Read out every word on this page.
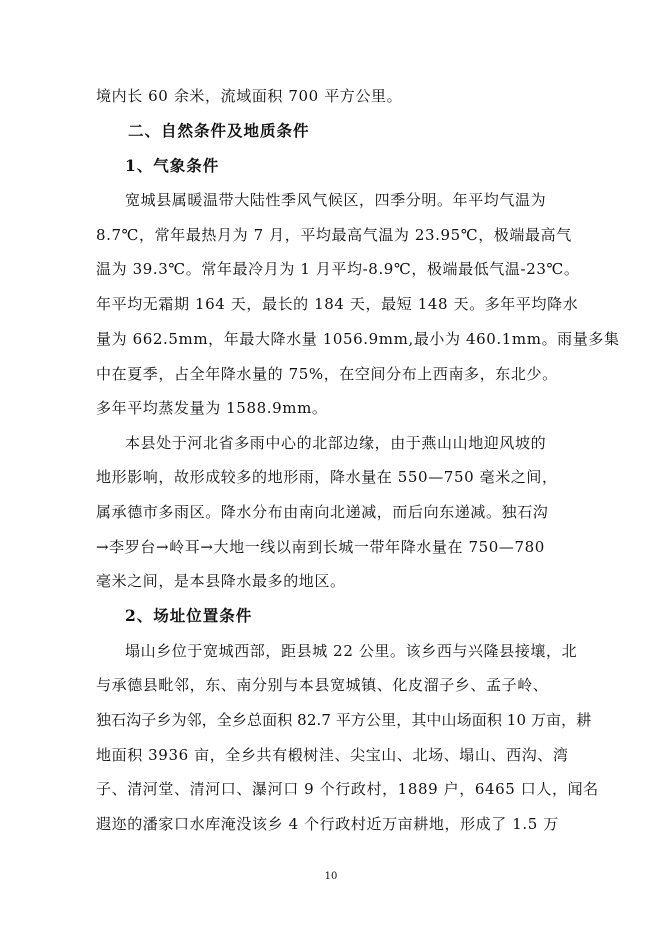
境内长 60 余米，流域面积 700 平方公里。
二、自然条件及地质条件
1、气象条件
宽城县属暖温带大陆性季风气候区，四季分明。年平均气温为
8.7℃，常年最热月为 7 月，平均最高气温为 23.95℃，极端最高气
温为 39.3℃。常年最冷月为 1 月平均-8.9℃，极端最低气温-23℃。
年平均无霜期 164 天，最长的 184 天，最短 148 天。多年平均降水
量为 662.5mm，年最大降水量 1056.9mm,最小为 460.1mm。雨量多集
中在夏季，占全年降水量的 75%，在空间分布上西南多，东北少。
多年平均蒸发量为 1588.9mm。
本县处于河北省多雨中心的北部边缘，由于燕山山地迎风坡的
地形影响，故形成较多的地形雨，降水量在 550—750 毫米之间，
属承德市多雨区。降水分布由南向北递减，而后向东递减。独石沟
→李罗台→岭耳→大地一线以南到长城一带年降水量在 750—780
毫米之间，是本县降水最多的地区。
2、场址位置条件
塌山乡位于宽城西部，距县城 22 公里。该乡西与兴隆县接壤，北
与承德县毗邻，东、南分别与本县宽城镇、化皮溜子乡、孟子岭、
独石沟子乡为邻，全乡总面积 82.7 平方公里，其中山场面积 10 万亩，耕
地面积 3936 亩，全乡共有椴树洼、尖宝山、北场、塌山、西沟、湾
子、清河堂、清河口、瀑河口 9 个行政村，1889 户，6465 口人，闻名
遐迩的潘家口水库淹没该乡 4 个行政村近万亩耕地，形成了 1.5 万
10
